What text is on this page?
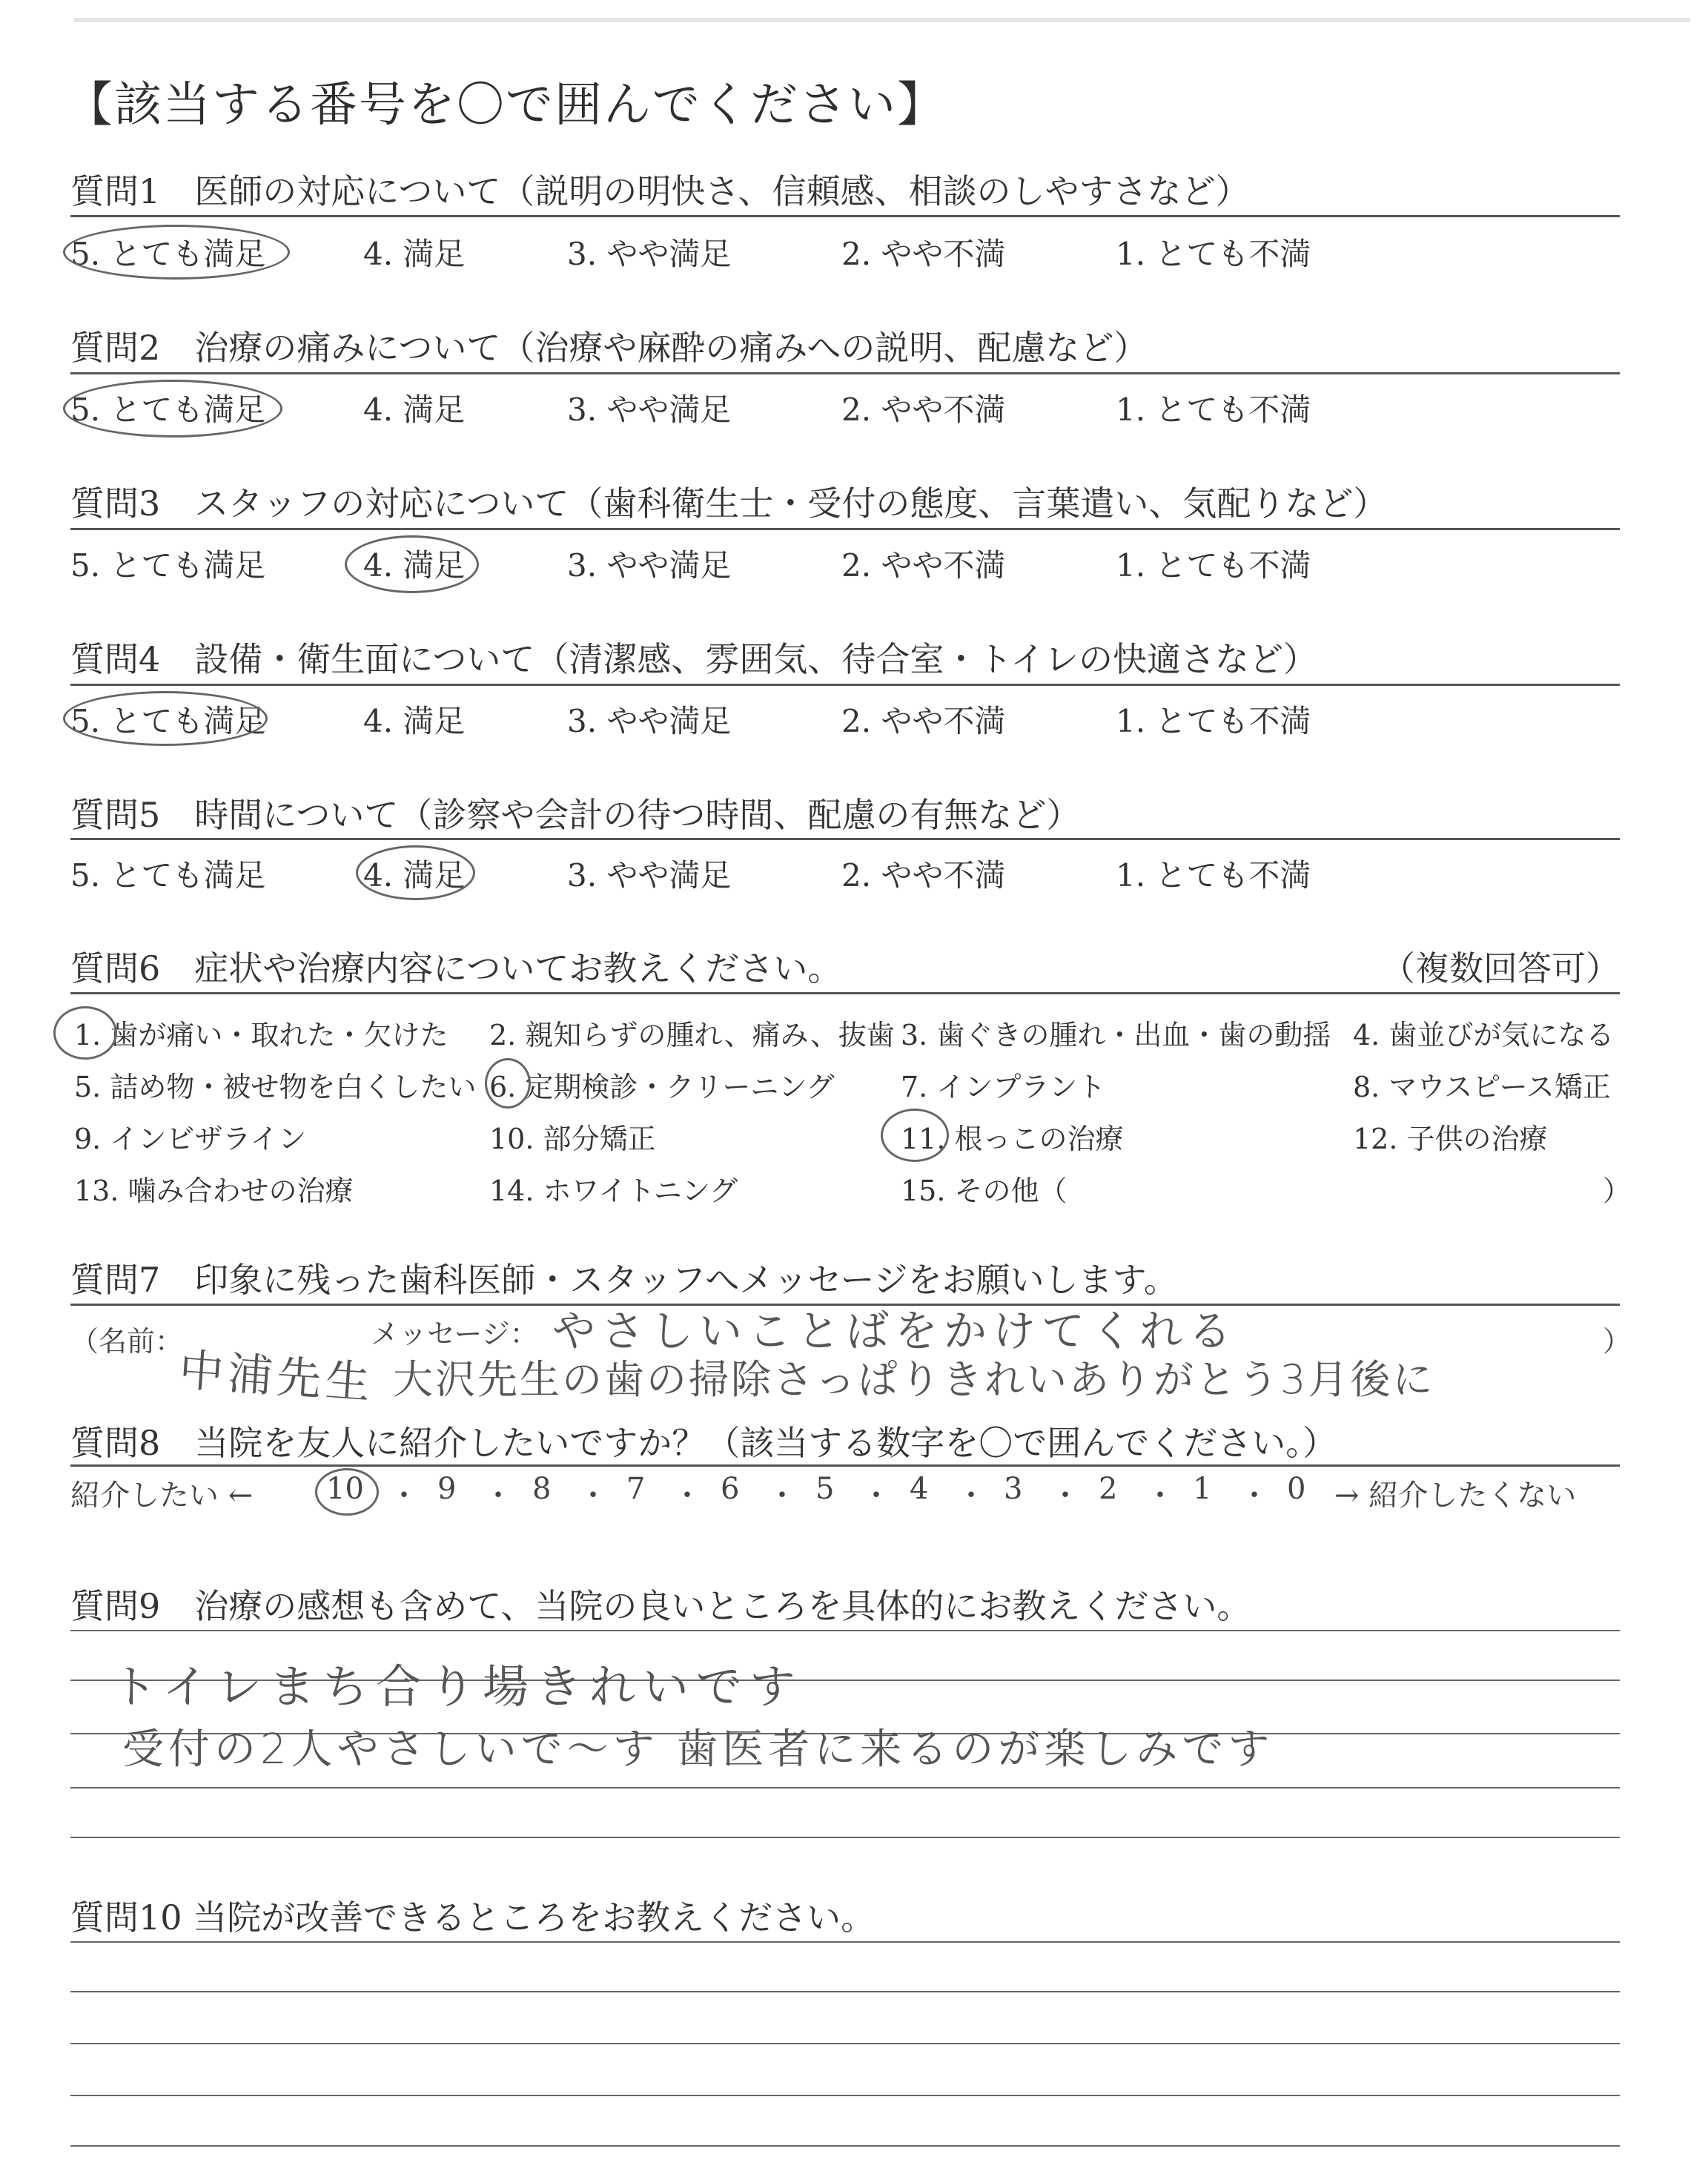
【該当する番号を〇で囲んでください】
質問1　医師の対応について（説明の明快さ、信頼感、相談のしやすさなど）
5. とても満足	4. 満足	3. やや満足	2. やや不満	1. とても不満
質問2　治療の痛みについて（治療や麻酔の痛みへの説明、配慮など）
5. とても満足	4. 満足	3. やや満足	2. やや不満	1. とても不満
質問3　スタッフの対応について（歯科衛生士・受付の態度、言葉遣い、気配りなど）
5. とても満足	4. 満足	3. やや満足	2. やや不満	1. とても不満
質問4　設備・衛生面について（清潔感、雰囲気、待合室・トイレの快適さなど）
5. とても満足	4. 満足	3. やや満足	2. やや不満	1. とても不満
質問5　時間について（診察や会計の待つ時間、配慮の有無など）
5. とても満足	4. 満足	3. やや満足	2. やや不満	1. とても不満
質問6　症状や治療内容についてお教えください。	（複数回答可）
1. 歯が痛い・取れた・欠けた 2. 親知らずの腫れ、痛み、抜歯 3. 歯ぐきの腫れ・出血・歯の動揺 4. 歯並びが気になる
5. 詰め物・被せ物を白くしたい 6. 定期検診・クリーニング 7. インプラント	8. マウスピース矯正
9. インビザライン	10. 部分矯正	11. 根っこの治療	12. 子供の治療
13. 噛み合わせの治療	14. ホワイトニング	15. その他（	）
質問7　印象に残った歯科医師・スタッフへメッセージをお願いします。
（名前：	メッセージ：	）
やさしいことばをかけてくれる
中浦先生 大沢先生の歯の掃除さっぱりきれいありがとう3月後に
質問8　当院を友人に紹介したいですか？（該当する数字を〇で囲んでください。）
紹介したい ← 10 ・ 9 ・ 8 ・ 7 ・ 6 ・ 5 ・ 4 ・ 3 ・ 2 ・ 1 ・ 0 → 紹介したくない
質問9　治療の感想も含めて、当院の良いところを具体的にお教えください。
トイレまち合り場きれいです
受付の2人やさしいで〜す 歯医者に来るのが楽しみです
質問10 当院が改善できるところをお教えください。
